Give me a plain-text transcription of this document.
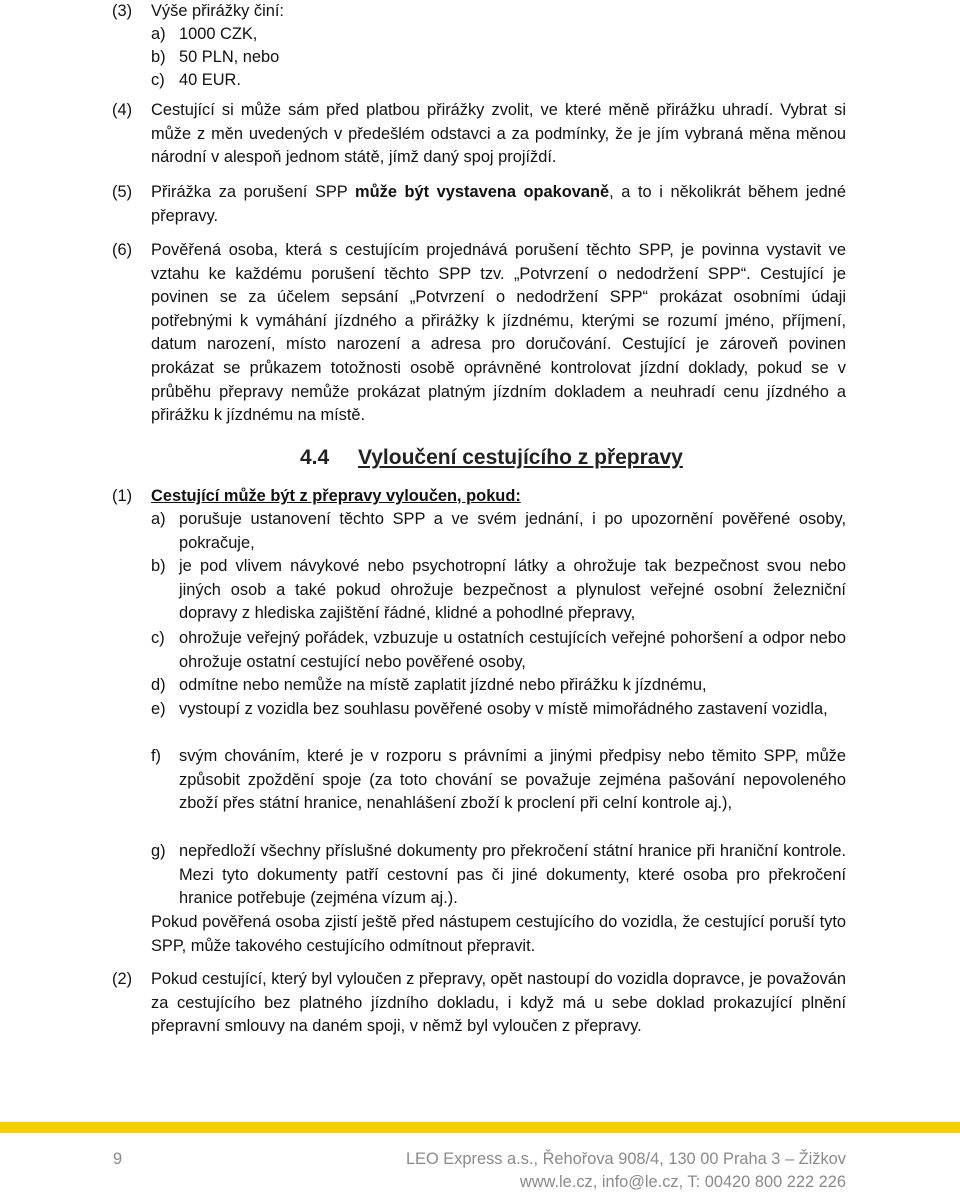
(3)	Výše přirážky činí:
a) 1000 CZK,
b) 50 PLN, nebo
c) 40 EUR.
(4)	Cestující si může sám před platbou přirážky zvolit, ve které měně přirážku uhradí. Vybrat si může z měn uvedených v předešlém odstavci a za podmínky, že je jím vybraná měna měnou národní v alespoň jednom státě, jímž daný spoj projíždí.
(5)	Přirážka za porušení SPP může být vystavena opakovaně, a to i několikrát během jedné přepravy.
(6)	Pověřená osoba, která s cestujícím projednává porušení těchto SPP, je povinna vystavit ve vztahu ke každému porušení těchto SPP tzv. „Potvrzení o nedodržení SPP“. Cestující je povinen se za účelem sepsání „Potvrzení o nedodržení SPP“ prokázat osobními údaji potřebnými k vymáhání jízdného a přirážky k jízdnému, kterými se rozumí jméno, příjmení, datum narození, místo narození a adresa pro doručování. Cestující je zároveň povinen prokázat se průkazem totožnosti osobě oprávněné kontrolovat jízdní doklady, pokud se v průběhu přepravy nemůže prokázat platným jízdním dokladem a neuhradí cenu jízdného a přirážku k jízdnému na místě.
4.4 Vyloučení cestujícího z přepravy
(1)	Cestující může být z přepravy vyloučen, pokud:
a) porušuje ustanovení těchto SPP a ve svém jednání, i po upozornění pověřené osoby, pokračuje,
b) je pod vlivem návykové nebo psychotropní látky a ohrožuje tak bezpečnost svou nebo jiných osob a také pokud ohrožuje bezpečnost a plynulost veřejné osobní železniční dopravy z hlediska zajištění řádné, klidné a pohodlné přepravy,
c) ohrožuje veřejný pořádek, vzbuzuje u ostatních cestujících veřejné pohoršení a odpor nebo ohrožuje ostatní cestující nebo pověřené osoby,
d) odmítne nebo nemůže na místě zaplatit jízdné nebo přirážku k jízdnému,
e) vystoupí z vozidla bez souhlasu pověřené osoby v místě mimořádného zastavení vozidla,
f) svým chováním, které je v rozporu s právními a jinými předpisy nebo těmito SPP, může způsobit zpoždění spoje (za toto chování se považuje zejména pašování nepovoleného zboží přes státní hranice, nenahlášení zboží k proclení při celní kontrole aj.),
g) nepředloží všechny příslušné dokumenty pro překročení státní hranice při hraniční kontrole. Mezi tyto dokumenty patří cestovní pas či jiné dokumenty, které osoba pro překročení hranice potřebuje (zejména vízum aj.).
Pokud pověřená osoba zjistí ještě před nástupem cestujícího do vozidla, že cestující poruší tyto SPP, může takového cestujícího odmítnout přepravit.
(2)	Pokud cestující, který byl vyloučen z přepravy, opět nastoupí do vozidla dopravce, je považován za cestujícího bez platného jízdního dokladu, i když má u sebe doklad prokazující plnění přepravní smlouvy na daném spoji, v němž byl vyloučen z přepravy.
9	LEO Express a.s., Řehořova 908/4, 130 00 Praha 3 – Žižkov
www.le.cz, info@le.cz, T: 00420 800 222 226
